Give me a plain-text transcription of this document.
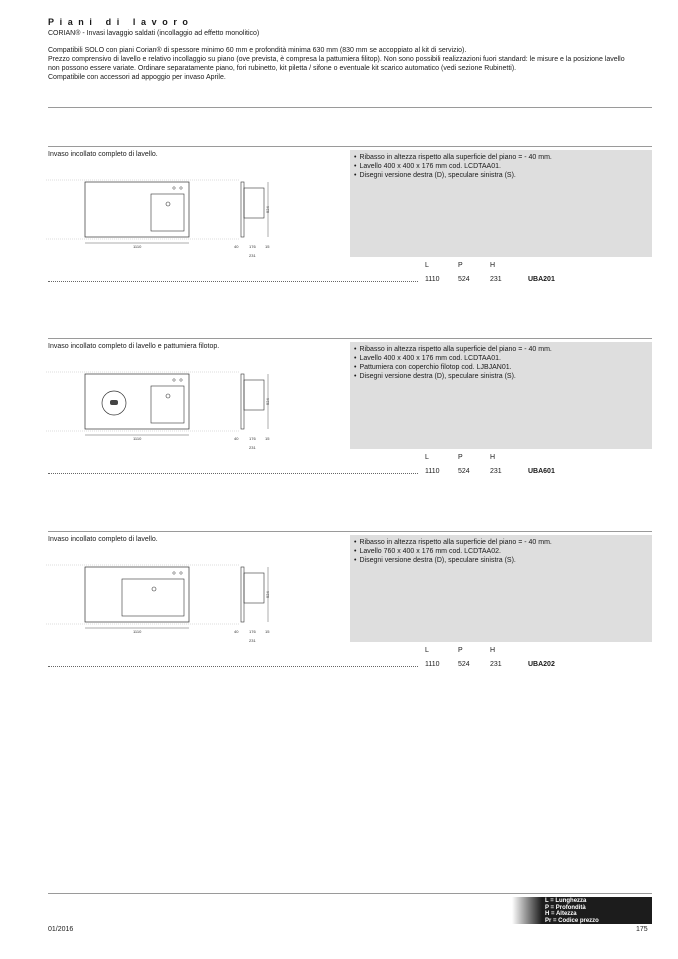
Piani di lavoro
CORIAN® - Invasi lavaggio saldati (incollaggio ad effetto monolitico)

Compatibili SOLO con piani Corian® di spessore minimo 60 mm e profondità minima 630 mm (830 mm se accoppiato al kit di servizio).

Prezzo comprensivo di lavello e relativo incollaggio su piano (ove prevista, è compresa la pattumiera filitop). Non sono possibili realizzazioni fuori standard: le misure e la posizione lavello non possono essere variate. Ordinare separatamente piano, fori rubinetto, kit piletta / sifone o eventuale kit scarico automatico (vedi sezione Rubinetti).

Compatibile con accessori ad appoggio per invaso Aprile.

Invaso incollato completo di lavello.
1110
524
40	176 15
231
• Ribasso in altezza rispetto alla superficie del piano = - 40 mm.
• Lavello 400 x 400 x 176 mm cod. LCDTAA01.
• Disegni versione destra (D), speculare sinistra (S).
L	P	H
1110	524	231	UBA201
Invaso incollato completo di lavello e pattumiera filotop.
1110
524
40	176 15
231
• Ribasso in altezza rispetto alla superficie del piano = - 40 mm.
• Lavello 400 x 400 x 176 mm cod. LCDTAA01.
• Pattumiera con coperchio filotop cod. LJBJAN01.
• Disegni versione destra (D), speculare sinistra (S).
L	P	H
1110	524	231	UBA601
Invaso incollato completo di lavello.
1110
524
40	176 15
231
• Ribasso in altezza rispetto alla superficie del piano = - 40 mm.
• Lavello 760 x 400 x 176 mm cod. LCDTAA02.
• Disegni versione destra (D), speculare sinistra (S).
L	P	H
1110	524	231	UBA202
L = Lunghezza
P = Profondità
H = Altezza
Pr = Codice prezzo
01/2016	175
